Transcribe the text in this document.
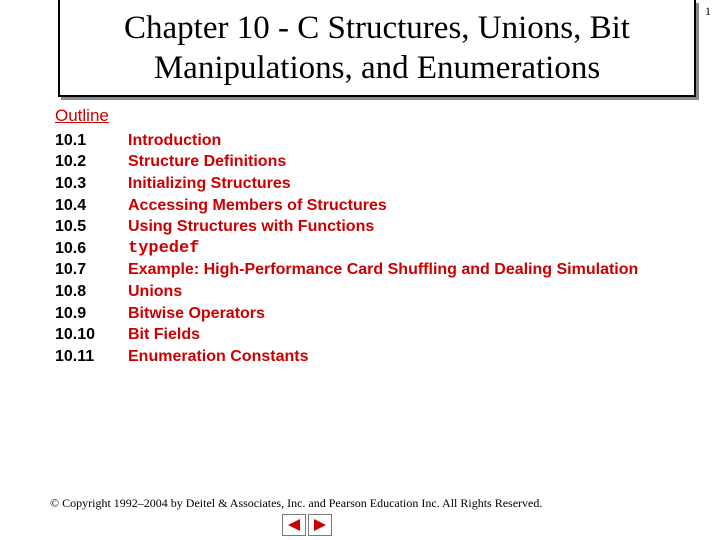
Chapter 10 - C Structures, Unions, Bit
Manipulations, and Enumerations
1
Outline
10.1	Introduction
10.2	Structure Definitions
10.3	Initializing Structures
10.4	Accessing Members of Structures
10.5	Using Structures with Functions
10.6	typedef
10.7	Example: High-Performance Card Shuffling and Dealing Simulation
10.8	Unions
10.9	Bitwise Operators
10.10	Bit Fields
10.11	Enumeration Constants
© Copyright 1992–2004 by Deitel & Associates, Inc. and Pearson Education Inc. All Rights Reserved.
